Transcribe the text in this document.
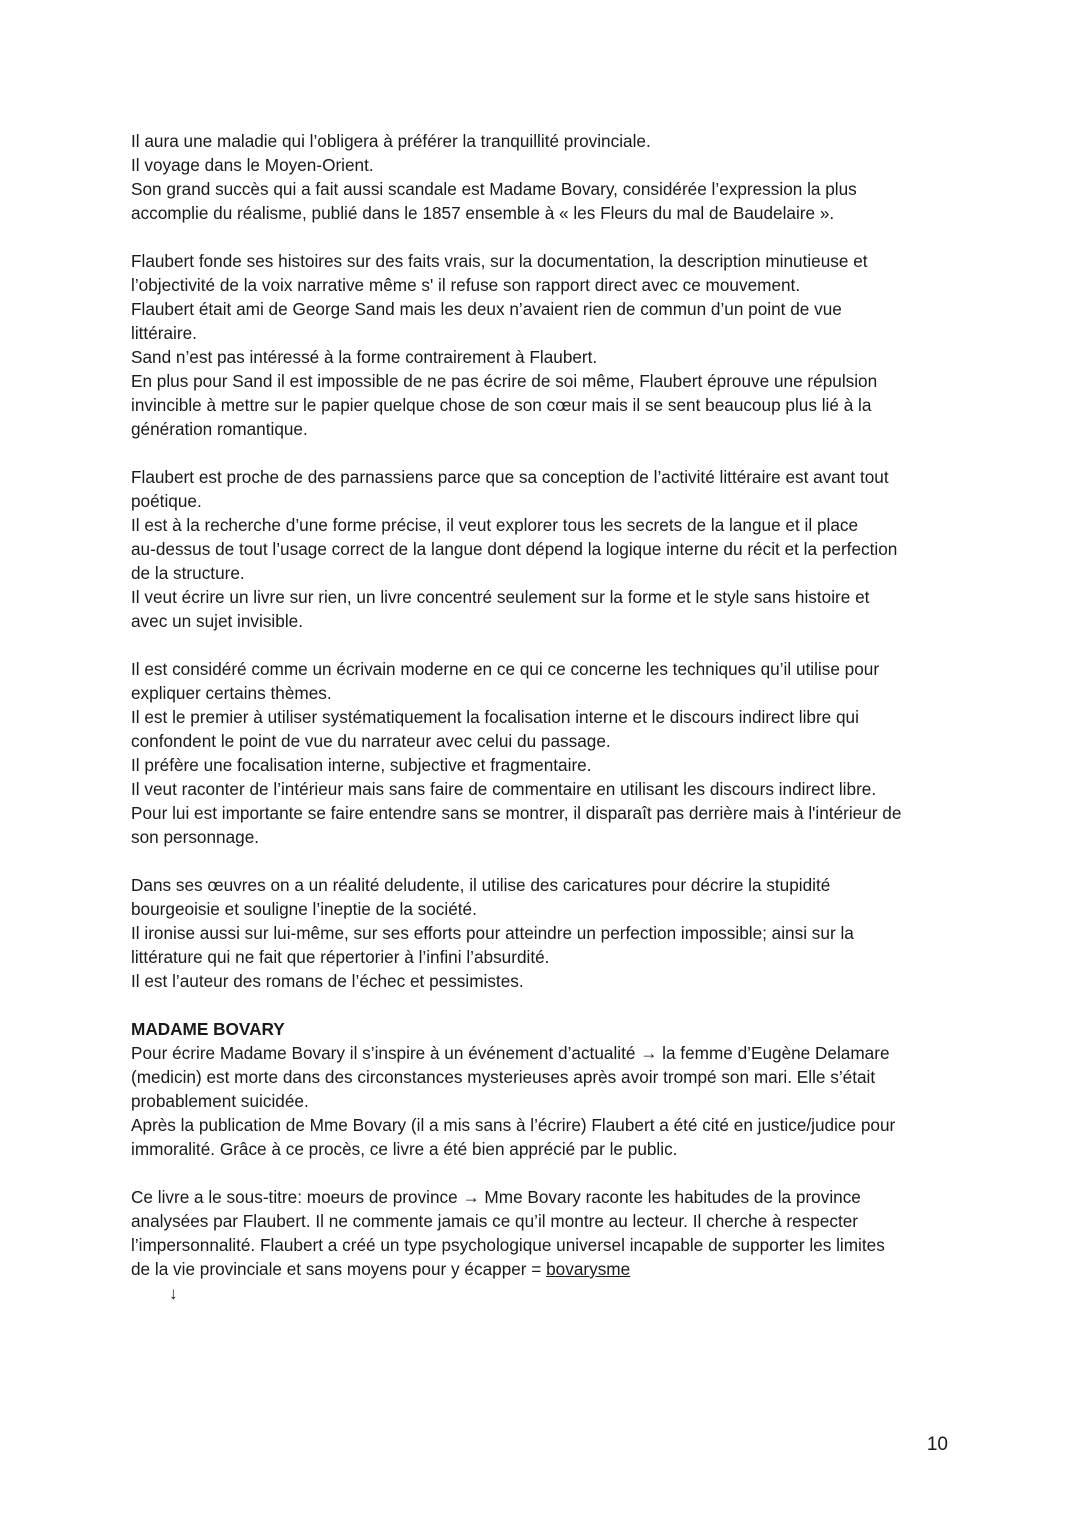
Il aura une maladie qui l’obligera à préférer la tranquillité provinciale.
Il voyage dans le Moyen-Orient.
Son grand succès qui a fait aussi scandale est Madame Bovary, considérée l’expression la plus
accomplie du réalisme, publié dans le 1857 ensemble à « les Fleurs du mal de Baudelaire ».
Flaubert fonde ses histoires sur des faits vrais, sur la documentation, la description minutieuse et
l’objectivité de la voix narrative même s' il refuse son rapport direct avec ce mouvement.
Flaubert était ami de George Sand mais les deux n’avaient rien de commun d’un point de vue
littéraire.
Sand n’est pas intéressé à la forme contrairement à Flaubert.
En plus pour Sand il est impossible de ne pas écrire de soi même, Flaubert éprouve une répulsion
invincible à mettre sur le papier quelque chose de son cœur mais il se sent beaucoup plus lié à la
génération romantique.
Flaubert est proche de des parnassiens parce que sa conception de l’activité littéraire est avant tout
poétique.
Il est à la recherche d’une forme précise, il veut explorer tous les secrets de la langue et il place
au-dessus de tout l’usage correct de la langue dont dépend la logique interne du récit et la perfection
de la structure.
Il veut écrire un livre sur rien, un livre concentré seulement sur la forme et le style sans histoire et
avec un sujet invisible.
Il est considéré comme un écrivain moderne en ce qui ce concerne les techniques qu’il utilise pour
expliquer certains thèmes.
Il est le premier à utiliser systématiquement la focalisation interne et le discours indirect libre qui
confondent le point de vue du narrateur avec celui du passage.
Il préfère une focalisation interne, subjective et fragmentaire.
Il veut raconter de l’intérieur mais sans faire de commentaire en utilisant les discours indirect libre.
Pour lui est importante se faire entendre sans se montrer, il disparaît pas derrière mais à l'intérieur de
son personnage.
Dans ses œuvres on a un réalité deludente, il utilise des caricatures pour décrire la stupidité
bourgeoisie et souligne l’ineptie de la société.
Il ironise aussi sur lui-même, sur ses efforts pour atteindre un perfection impossible; ainsi sur la
littérature qui ne fait que répertorier à l’infini l’absurdité.
Il est l’auteur des romans de l’échec et pessimistes.
MADAME BOVARY
Pour écrire Madame Bovary il s’inspire à un événement d’actualité → la femme d’Eugène Delamare
(medicin) est morte dans des circonstances mysterieuses après avoir trompé son mari. Elle s’était
probablement suicidée.
Après la publication de Mme Bovary (il a mis sans à l’écrire) Flaubert a été cité en justice/judice pour
immoralité. Grâce à ce procès, ce livre a été bien apprécié par le public.
Ce livre a le sous-titre: moeurs de province → Mme Bovary raconte les habitudes de la province
analysées par Flaubert. Il ne commente jamais ce qu’il montre au lecteur. Il cherche à respecter
l’impersonnalité. Flaubert a créé un type psychologique universel incapable de supporter les limites
de la vie provinciale et sans moyens pour y écapper = bovarysme
↓
10
